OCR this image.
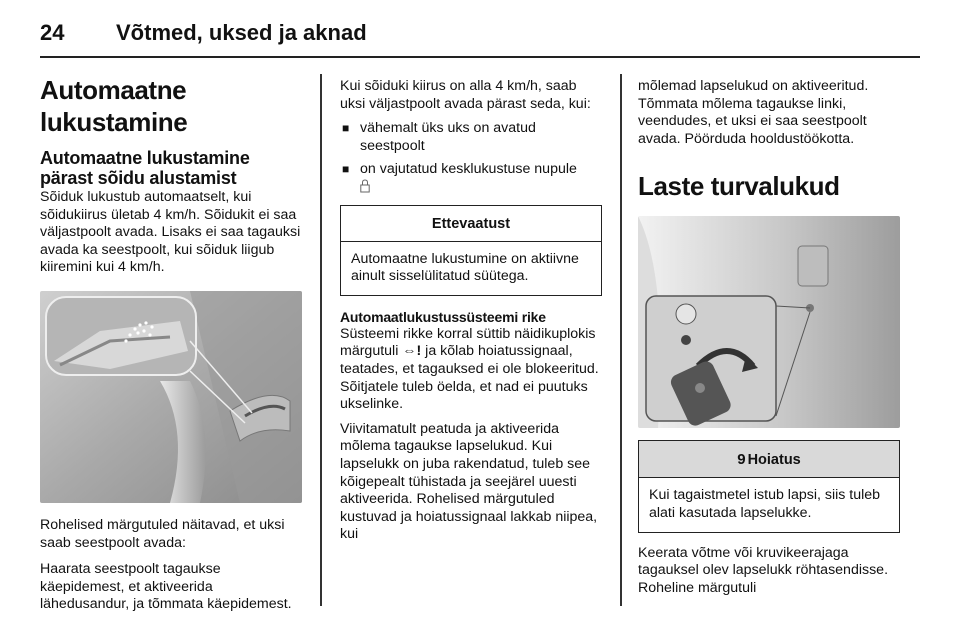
24 Võtmed, uksed ja aknad
Automaatne lukustamine
Automaatne lukustamine pärast sõidu alustamist
Sõiduk lukustub automaatselt, kui sõidukiirus ületab 4 km/h. Sõidukit ei saa väljastpoolt avada. Lisaks ei saa tagauksi avada ka seestpoolt, kui sõiduk liigub kiiremini kui 4 km/h.
Rohelised märgutuled näitavad, et uksi saab seestpoolt avada:
Haarata seestpoolt tagaukse käepidemest, et aktiveerida lähedusandur, ja tõmmata käepidemest.
Kui sõiduki kiirus on alla 4 km/h, saab uksi väljastpoolt avada pärast seda, kui:
■ vähemalt üks uks on avatud seestpoolt
■ on vajutatud kesklukustuse nupule

Ettevaatust
Automaatne lukustumine on aktiivne ainult sisselülitatud süütega.
Automaatlukustussüsteemi rike
Süsteemi rikke korral süttib näidikuplokis märgutuli ⇔! ja kõlab hoiatussignaal, teatades, et tagauksed ei ole blokeeritud. Sõitjatele tuleb öelda, et nad ei puutuks ukselinke.
Viivitamatult peatuda ja aktiveerida mõlema tagaukse lapselukud. Kui lapselukk on juba rakendatud, tuleb see kõigepealt tühistada ja seejärel uuesti aktiveerida. Rohelised märgutuled kustuvad ja hoiatussignaal lakkab niipea, kui
mõlemad lapselukud on aktiveeritud. Tõmmata mõlema tagaukse linki, veendudes, et uksi ei saa seestpoolt avada. Pöörduda hooldustöökotta.
Laste turvalukud
9 Hoiatus
Kui tagaistmetel istub lapsi, siis tuleb alati kasutada lapselukke.
Keerata võtme või kruvikeerajaga tagauksel olev lapselukk röhtasendisse. Roheline märgutuli
